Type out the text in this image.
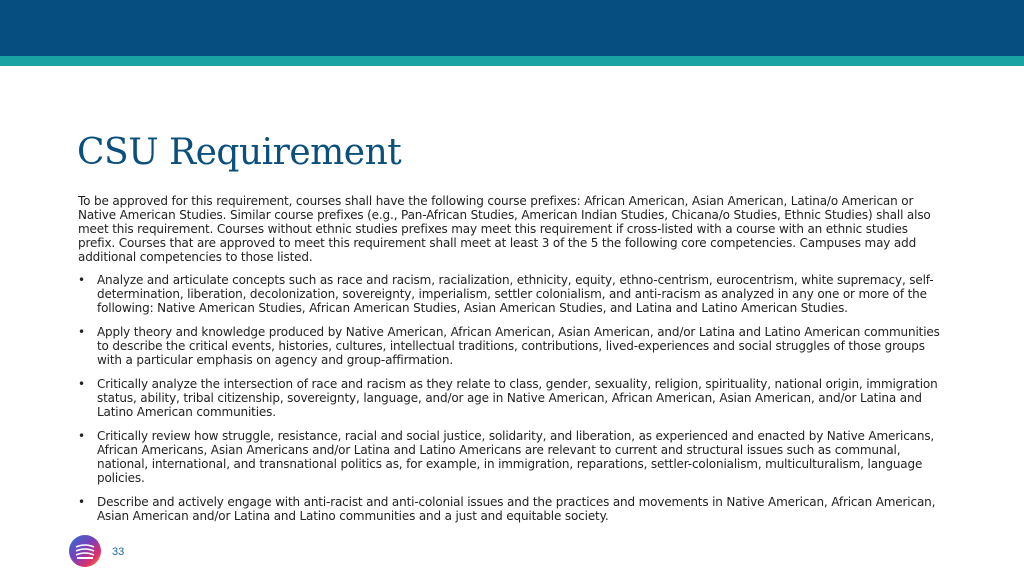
CSU Requirement

To be approved for this requirement, courses shall have the following course prefixes: African American, Asian American, Latina/o American or Native American Studies. Similar course prefixes (e.g., Pan-African Studies, American Indian Studies, Chicana/o Studies, Ethnic Studies) shall also meet this requirement. Courses without ethnic studies prefixes may meet this requirement if cross-listed with a course with an ethnic studies prefix. Courses that are approved to meet this requirement shall meet at least 3 of the 5 the following core competencies. Campuses may add additional competencies to those listed.

• Analyze and articulate concepts such as race and racism, racialization, ethnicity, equity, ethno-centrism, eurocentrism, white supremacy, self-determination, liberation, decolonization, sovereignty, imperialism, settler colonialism, and anti-racism as analyzed in any one or more of the following: Native American Studies, African American Studies, Asian American Studies, and Latina and Latino American Studies.
• Apply theory and knowledge produced by Native American, African American, Asian American, and/or Latina and Latino American communities to describe the critical events, histories, cultures, intellectual traditions, contributions, lived-experiences and social struggles of those groups with a particular emphasis on agency and group-affirmation.
• Critically analyze the intersection of race and racism as they relate to class, gender, sexuality, religion, spirituality, national origin, immigration status, ability, tribal citizenship, sovereignty, language, and/or age in Native American, African American, Asian American, and/or Latina and Latino American communities.
• Critically review how struggle, resistance, racial and social justice, solidarity, and liberation, as experienced and enacted by Native Americans, African Americans, Asian Americans and/or Latina and Latino Americans are relevant to current and structural issues such as communal, national, international, and transnational politics as, for example, in immigration, reparations, settler-colonialism, multiculturalism, language policies.
• Describe and actively engage with anti-racist and anti-colonial issues and the practices and movements in Native American, African American, Asian American and/or Latina and Latino communities and a just and equitable society.
33
